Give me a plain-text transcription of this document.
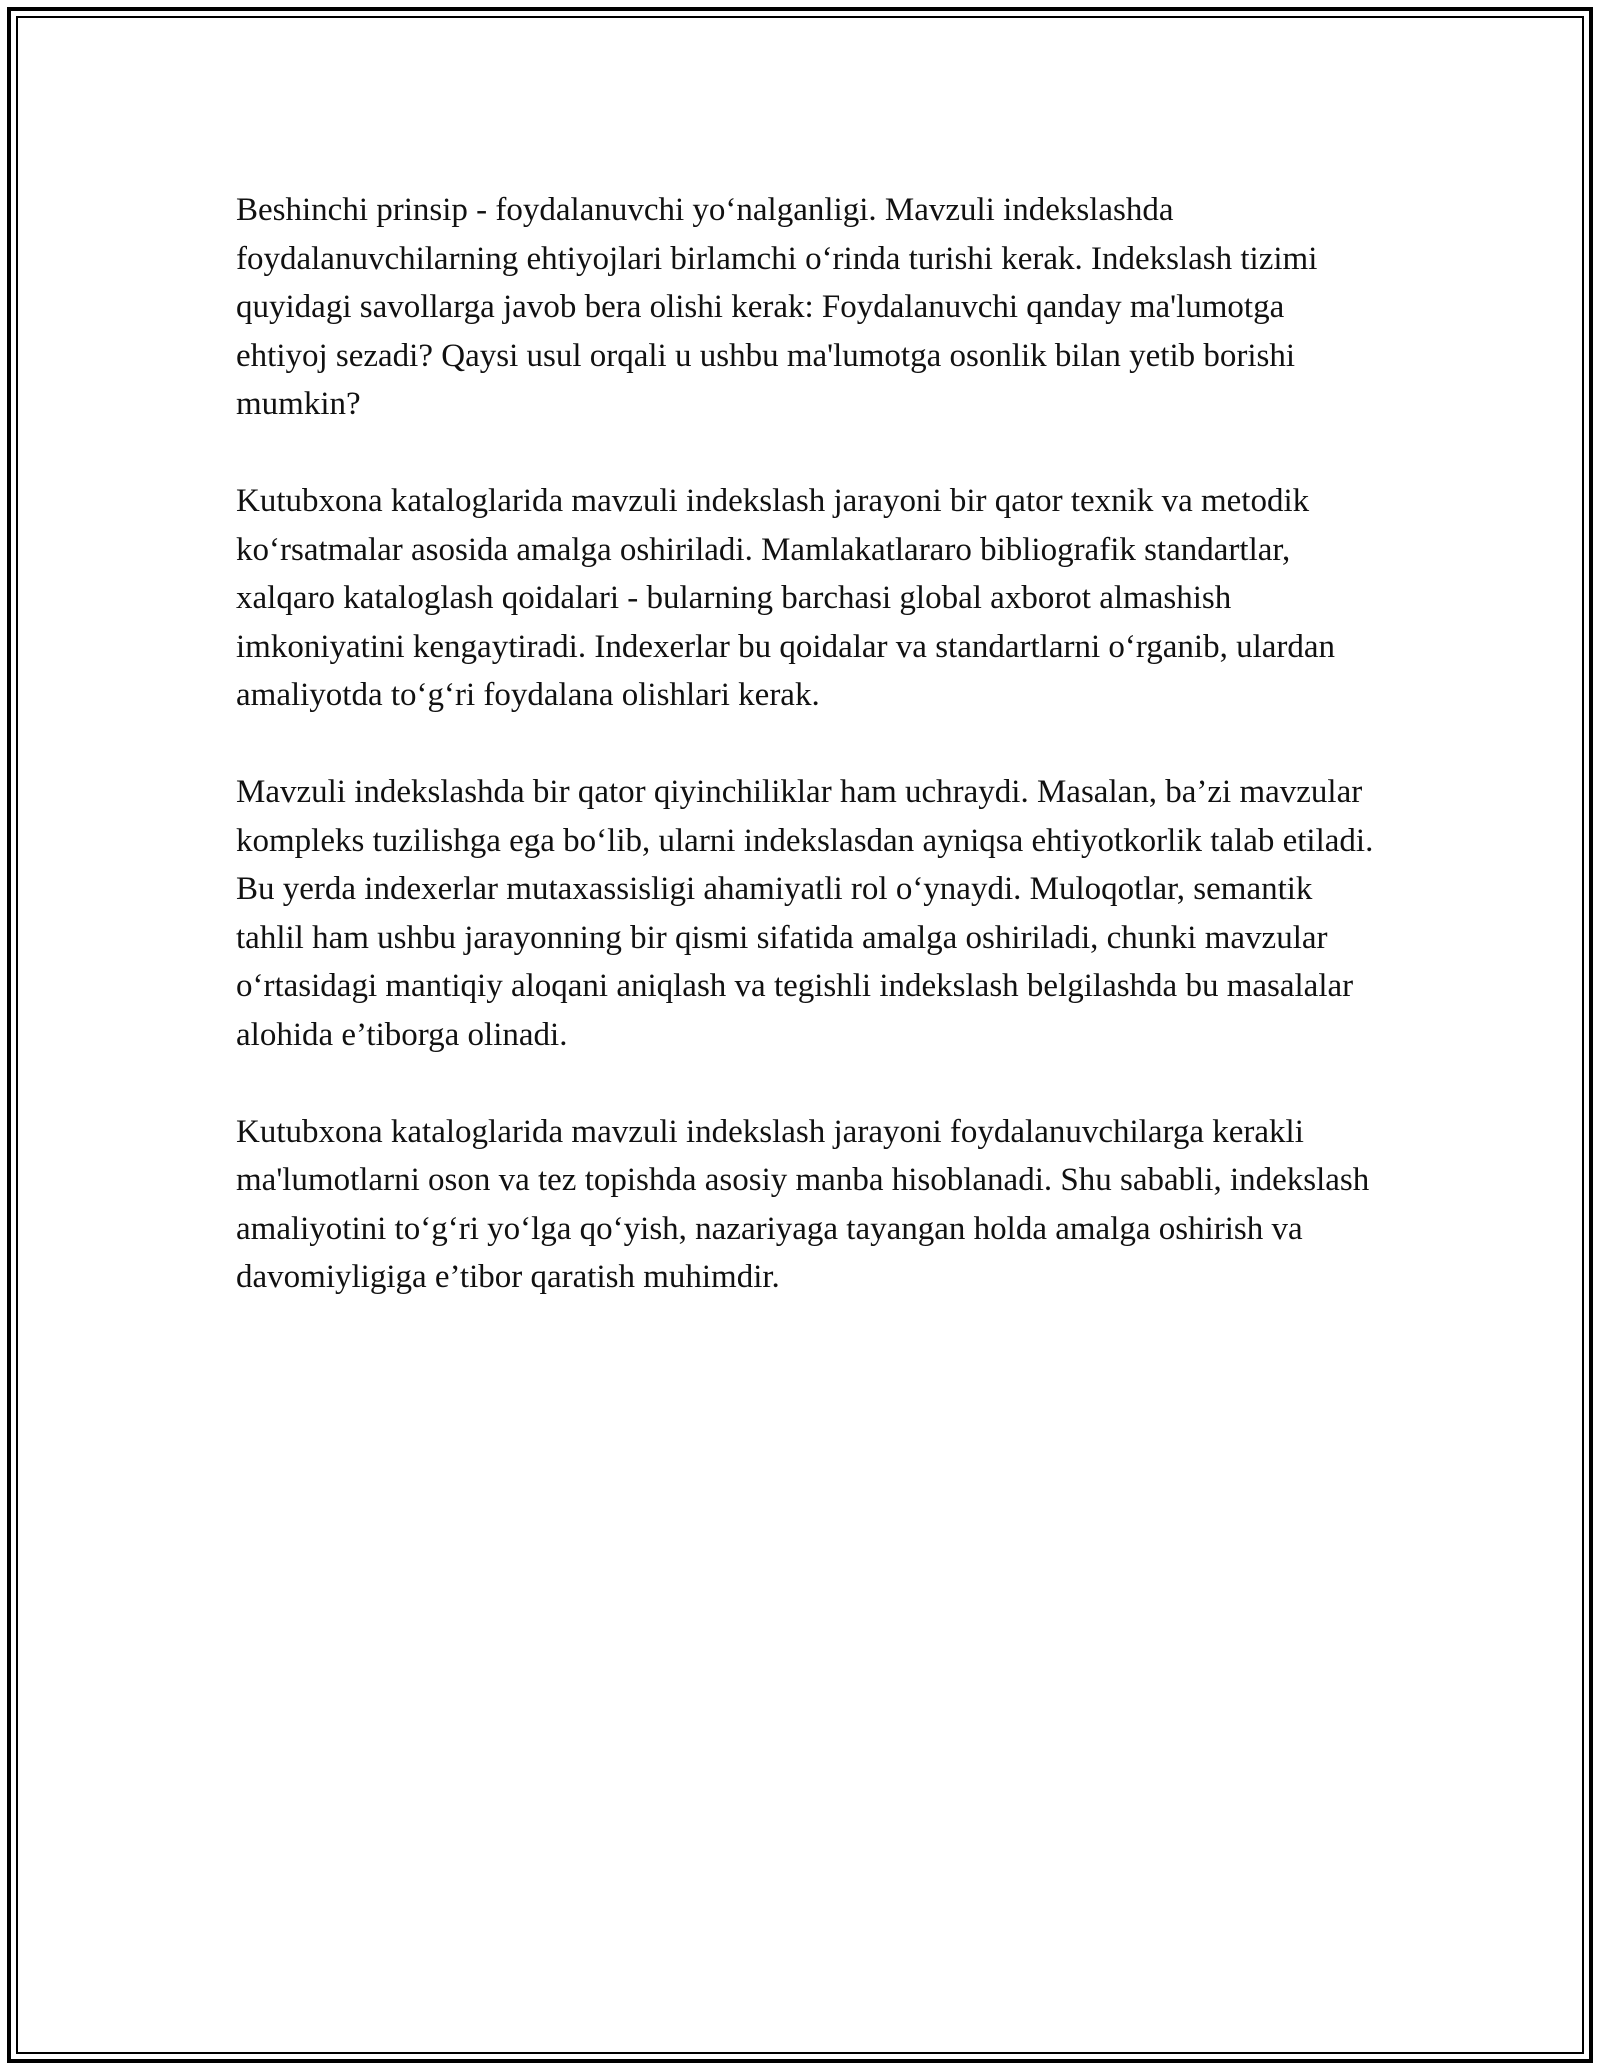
Beshinchi prinsip - foydalanuvchi yo‘nalganligi. Mavzuli indekslashda foydalanuvchilarning ehtiyojlari birlamchi o‘rinda turishi kerak. Indekslash tizimi quyidagi savollarga javob bera olishi kerak: Foydalanuvchi qanday ma'lumotga ehtiyoj sezadi? Qaysi usul orqali u ushbu ma'lumotga osonlik bilan yetib borishi mumkin?

Kutubxona kataloglarida mavzuli indekslash jarayoni bir qator texnik va metodik ko‘rsatmalar asosida amalga oshiriladi. Mamlakatlararo bibliografik standartlar, xalqaro kataloglash qoidalari - bularning barchasi global axborot almashish imkoniyatini kengaytiradi. Indexerlar bu qoidalar va standartlarni o‘rganib, ulardan amaliyotda to‘g‘ri foydalana olishlari kerak.

Mavzuli indekslashda bir qator qiyinchiliklar ham uchraydi. Masalan, ba’zi mavzular kompleks tuzilishga ega bo‘lib, ularni indekslasdan ayniqsa ehtiyotkorlik talab etiladi. Bu yerda indexerlar mutaxassisligi ahamiyatli rol o‘ynaydi. Muloqotlar, semantik tahlil ham ushbu jarayonning bir qismi sifatida amalga oshiriladi, chunki mavzular o‘rtasidagi mantiqiy aloqani aniqlash va tegishli indekslash belgilashda bu masalalar alohida e’tiborga olinadi.

Kutubxona kataloglarida mavzuli indekslash jarayoni foydalanuvchilarga kerakli ma'lumotlarni oson va tez topishda asosiy manba hisoblanadi. Shu sababli, indekslash amaliyotini to‘g‘ri yo‘lga qo‘yish, nazariyaga tayangan holda amalga oshirish va davomiyligiga e’tibor qaratish muhimdir.
